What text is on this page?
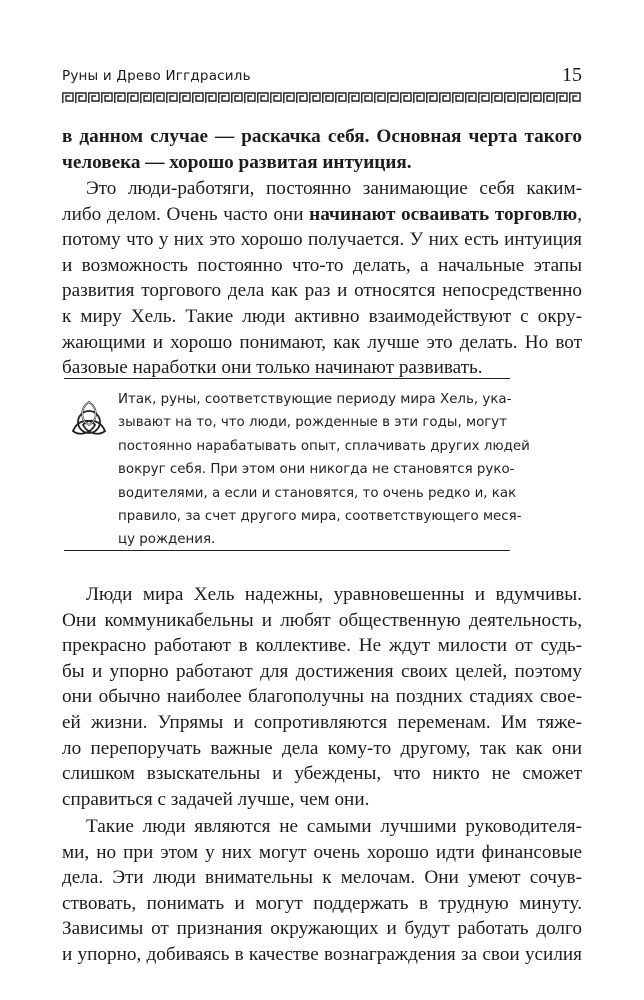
Руны и Древо Иггдрасиль	15
в данном случае — раскачка себя. Основная черта такого
человека — хорошо развитая интуиция.
Это люди-работяги, постоянно занимающие себя каким-
либо делом. Очень часто они начинают осваивать торговлю,
потому что у них это хорошо получается. У них есть интуиция
и возможность постоянно что-то делать, а начальные этапы
развития торгового дела как раз и относятся непосредственно
к миру Хель. Такие люди активно взаимодействуют с окру-
жающими и хорошо понимают, как лучше это делать. Но вот
базовые наработки они только начинают развивать.
Итак, руны, соответствующие периоду мира Хель, ука-
зывают на то, что люди, рожденные в эти годы, могут
постоянно нарабатывать опыт, сплачивать других людей
вокруг себя. При этом они никогда не становятся руко-
водителями, а если и становятся, то очень редко и, как
правило, за счет другого мира, соответствующего меся-
цу рождения.
Люди мира Хель надежны, уравновешенны и вдумчивы.
Они коммуникабельны и любят общественную деятельность,
прекрасно работают в коллективе. Не ждут милости от судь-
бы и упорно работают для достижения своих целей, поэтому
они обычно наиболее благополучны на поздних стадиях свое-
ей жизни. Упрямы и сопротивляются переменам. Им тяже-
ло перепоручать важные дела кому-то другому, так как они
слишком взыскательны и убеждены, что никто не сможет
справиться с задачей лучше, чем они.
Такие люди являются не самыми лучшими руководителя-
ми, но при этом у них могут очень хорошо идти финансовые
дела. Эти люди внимательны к мелочам. Они умеют сочув-
ствовать, понимать и могут поддержать в трудную минуту.
Зависимы от признания окружающих и будут работать долго
и упорно, добиваясь в качестве вознаграждения за свои усилия
